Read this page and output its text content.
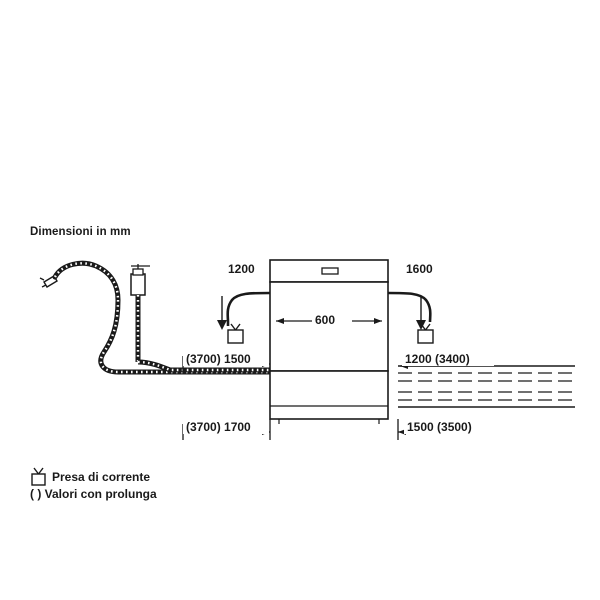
Dimensioni in mm
1200	1600
600
(3700) 1500	1200 (3400)
(3700) 1700	1500 (3500)
Presa di corrente
( ) Valori con prolunga
